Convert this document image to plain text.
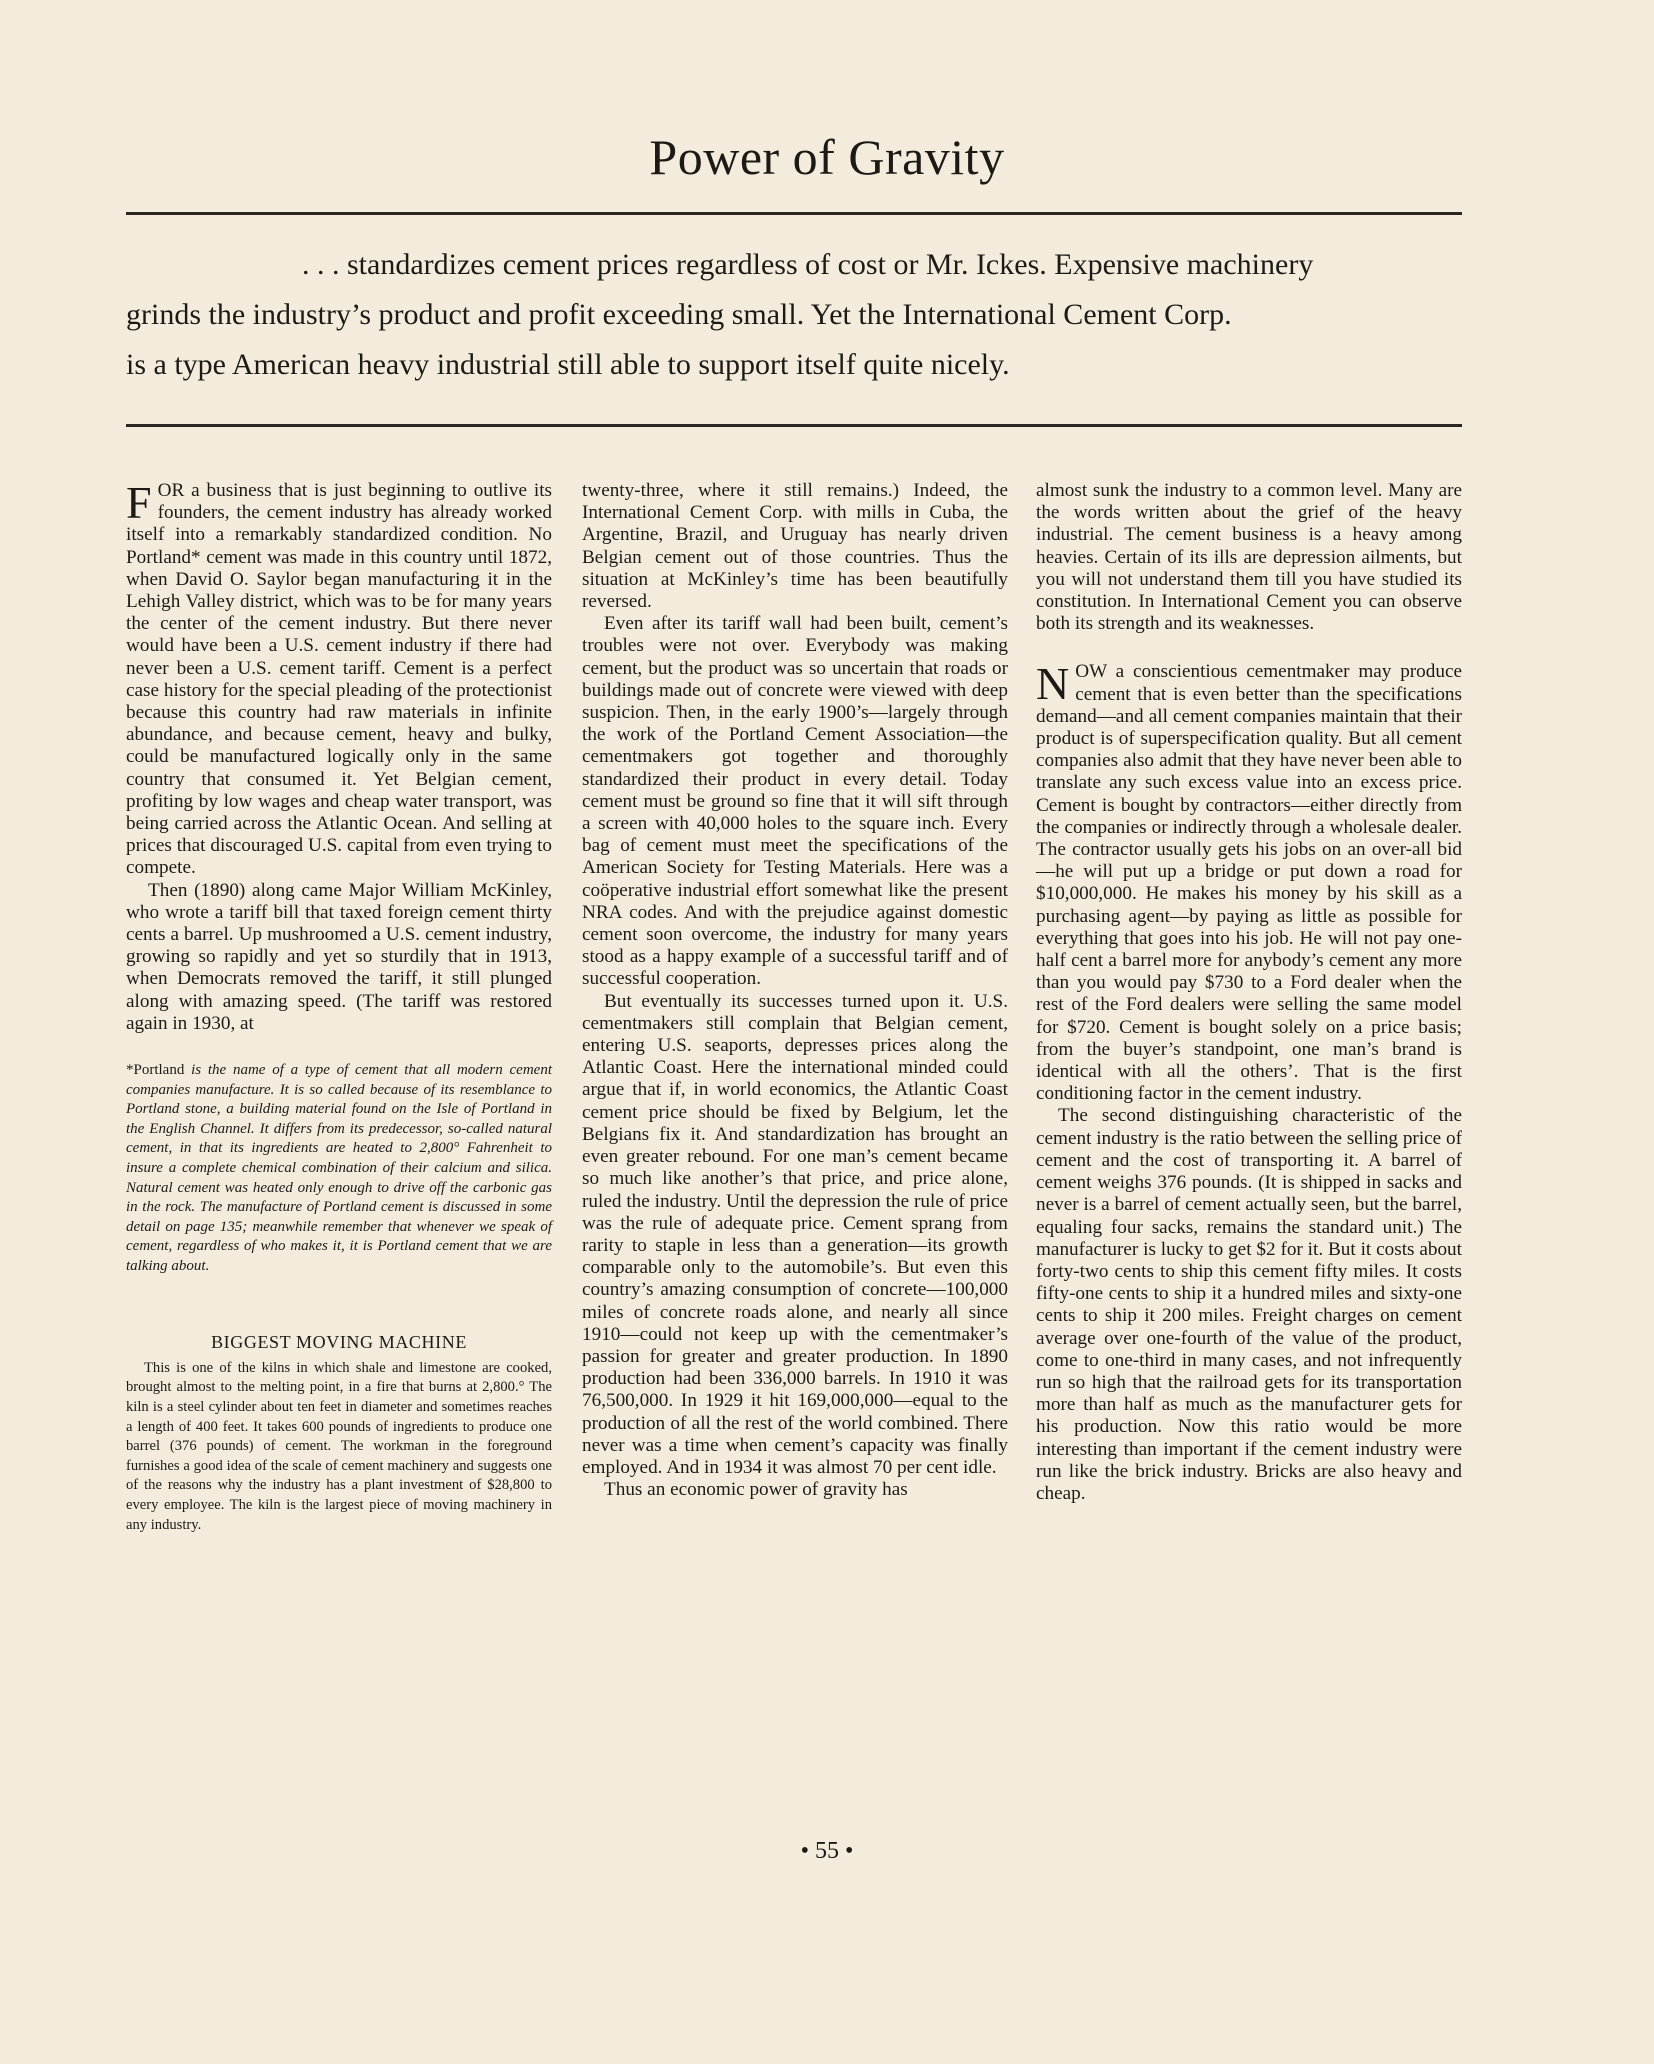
Power of Gravity
. . . standardizes cement prices regardless of cost or Mr. Ickes. Expensive machinery
grinds the industry’s product and profit exceeding small. Yet the International Cement Corp.
is a type American heavy industrial still able to support itself quite nicely.

FOR a business that is just beginning to outlive its founders, the cement industry has already worked itself into a remarkably standardized condition. No Portland* cement was made in this country until 1872, when David O. Saylor began manufacturing it in the Lehigh Valley district, which was to be for many years the center of the cement industry. But there never would have been a U.S. cement industry if there had never been a U.S. cement tariff. Cement is a perfect case history for the special pleading of the protectionist because this country had raw materials in infinite abundance, and because cement, heavy and bulky, could be manufactured logically only in the same country that consumed it. Yet Belgian cement, profiting by low wages and cheap water transport, was being carried across the Atlantic Ocean. And selling at prices that discouraged U.S. capital from even trying to compete.

Then (1890) along came Major William McKinley, who wrote a tariff bill that taxed foreign cement thirty cents a barrel. Up mushroomed a U.S. cement industry, growing so rapidly and yet so sturdily that in 1913, when Democrats removed the tariff, it still plunged along with amazing speed. (The tariff was restored again in 1930, at

*Portland is the name of a type of cement that all modern cement companies manufacture. It is so called because of its resemblance to Portland stone, a building material found on the Isle of Portland in the English Channel. It differs from its predecessor, so-called natural cement, in that its ingredients are heated to 2,800° Fahrenheit to insure a complete chemical combination of their calcium and silica. Natural cement was heated only enough to drive off the carbonic gas in the rock. The manufacture of Portland cement is discussed in some detail on page 135; meanwhile remember that whenever we speak of cement, regardless of who makes it, it is Portland cement that we are talking about.
BIGGEST MOVING MACHINE
This is one of the kilns in which shale and limestone are cooked, brought almost to the melting point, in a fire that burns at 2,800.° The kiln is a steel cylinder about ten feet in diameter and sometimes reaches a length of 400 feet. It takes 600 pounds of ingredients to produce one barrel (376 pounds) of cement. The workman in the foreground furnishes a good idea of the scale of cement machinery and suggests one of the reasons why the industry has a plant investment of $28,800 to every employee. The kiln is the largest piece of moving machinery in any industry.

twenty-three, where it still remains.) Indeed, the International Cement Corp. with mills in Cuba, the Argentine, Brazil, and Uruguay has nearly driven Belgian cement out of those countries. Thus the situation at McKinley’s time has been beautifully reversed.

Even after its tariff wall had been built, cement’s troubles were not over. Everybody was making cement, but the product was so uncertain that roads or buildings made out of concrete were viewed with deep suspicion. Then, in the early 1900’s—largely through the work of the Portland Cement Association—the cementmakers got together and thoroughly standardized their product in every detail. Today cement must be ground so fine that it will sift through a screen with 40,000 holes to the square inch. Every bag of cement must meet the specifications of the American Society for Testing Materials. Here was a coöperative industrial effort somewhat like the present NRA codes. And with the prejudice against domestic cement soon overcome, the industry for many years stood as a happy example of a successful tariff and of successful cooperation.

But eventually its successes turned upon it. U.S. cementmakers still complain that Belgian cement, entering U.S. seaports, depresses prices along the Atlantic Coast. Here the international minded could argue that if, in world economics, the Atlantic Coast cement price should be fixed by Belgium, let the Belgians fix it. And standardization has brought an even greater rebound. For one man’s cement became so much like another’s that price, and price alone, ruled the industry. Until the depression the rule of price was the rule of adequate price. Cement sprang from rarity to staple in less than a generation—its growth comparable only to the automobile’s. But even this country’s amazing consumption of concrete—100,000 miles of concrete roads alone, and nearly all since 1910—could not keep up with the cementmaker’s passion for greater and greater production. In 1890 production had been 336,000 barrels. In 1910 it was 76,500,000. In 1929 it hit 169,000,000—equal to the production of all the rest of the world combined. There never was a time when cement’s capacity was finally employed. And in 1934 it was almost 70 per cent idle.

Thus an economic power of gravity has

almost sunk the industry to a common level. Many are the words written about the grief of the heavy industrial. The cement business is a heavy among heavies. Certain of its ills are depression ailments, but you will not understand them till you have studied its constitution. In International Cement you can observe both its strength and its weaknesses.

NOW a conscientious cementmaker may produce cement that is even better than the specifications demand—and all cement companies maintain that their product is of superspecification quality. But all cement companies also admit that they have never been able to translate any such excess value into an excess price. Cement is bought by contractors—either directly from the companies or indirectly through a wholesale dealer. The contractor usually gets his jobs on an over-all bid—he will put up a bridge or put down a road for $10,000,000. He makes his money by his skill as a purchasing agent—by paying as little as possible for everything that goes into his job. He will not pay one-half cent a barrel more for anybody’s cement any more than you would pay $730 to a Ford dealer when the rest of the Ford dealers were selling the same model for $720. Cement is bought solely on a price basis; from the buyer’s standpoint, one man’s brand is identical with all the others’. That is the first conditioning factor in the cement industry.

The second distinguishing characteristic of the cement industry is the ratio between the selling price of cement and the cost of transporting it. A barrel of cement weighs 376 pounds. (It is shipped in sacks and never is a barrel of cement actually seen, but the barrel, equaling four sacks, remains the standard unit.) The manufacturer is lucky to get $2 for it. But it costs about forty-two cents to ship this cement fifty miles. It costs fifty-one cents to ship it a hundred miles and sixty-one cents to ship it 200 miles. Freight charges on cement average over one-fourth of the value of the product, come to one-third in many cases, and not infrequently run so high that the railroad gets for its transportation more than half as much as the manufacturer gets for his production. Now this ratio would be more interesting than important if the cement industry were run like the brick industry. Bricks are also heavy and cheap.

• 55 •
